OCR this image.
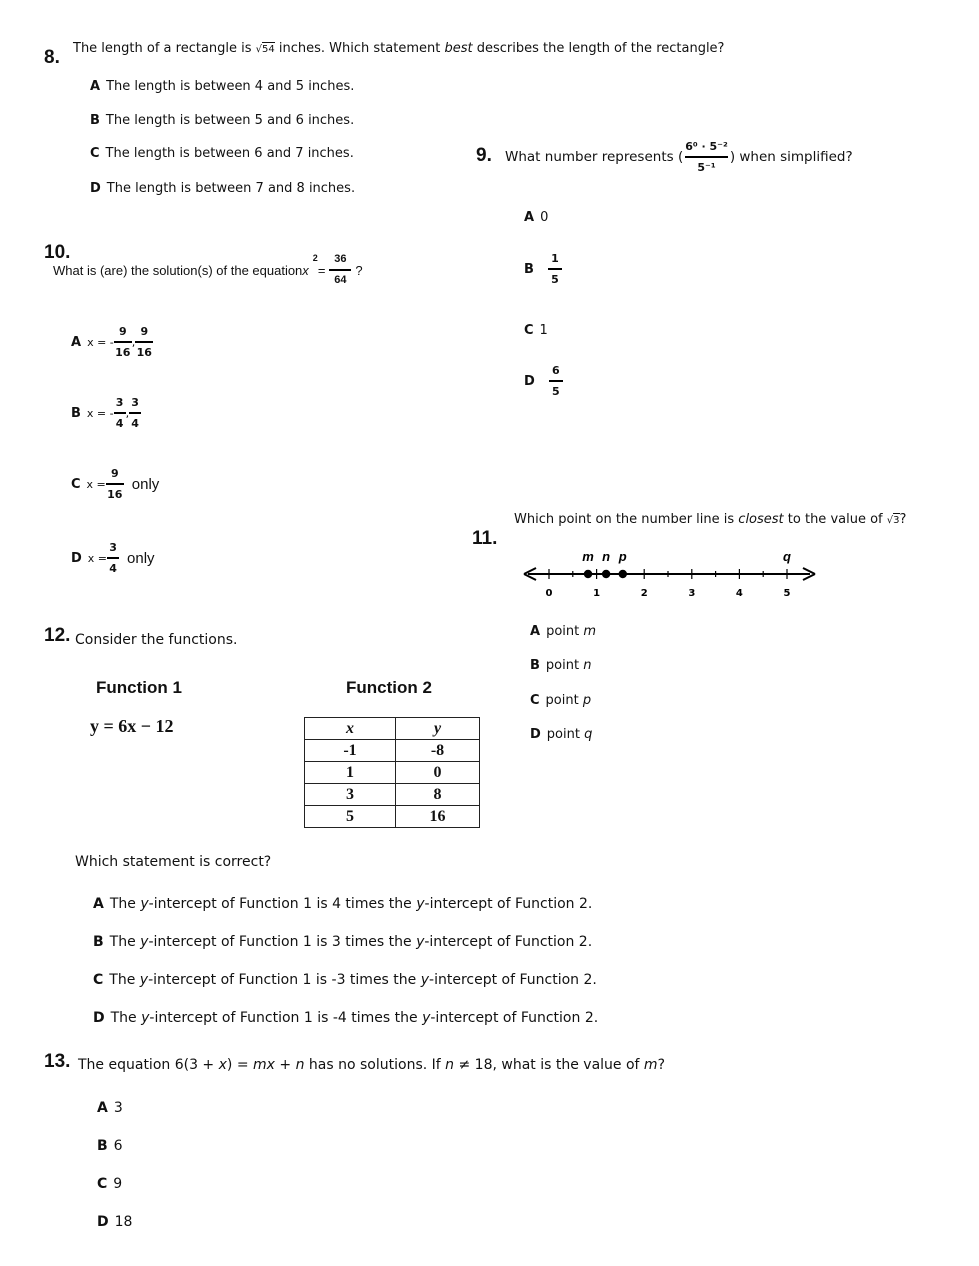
8. The length of a rectangle is √54 inches. Which statement best describes the length of the rectangle?
A The length is between 4 and 5 inches.
B The length is between 5 and 6 inches.
C The length is between 6 and 7 inches.
D The length is between 7 and 8 inches.
9. What number represents ( $\frac{\text{6⁰ · 5⁻²}}{\text{5⁻¹}}$ ) when simplified?
A 0
B $\frac{1}{5}$
C 1
D $\frac{6}{5}$
10.
What is (are) the solution(s) of the equation x
2
= $\frac{36}{64}$ ?
A x = - $\frac{9}{16}$ , $\frac{9}{16}$
B x = - $\frac{3}{4}$ , $\frac{3}{4}$
C $x = \frac{9}{16}$ only
D $x = \frac{3}{4}$ only
Which point on the number line is closest to the value of √3?
11.
0	1	2	3	4	5
m n p	q
A point m
B point n
C point p
D point q
12. Consider the functions.
Function 1
y = 6x − 12
Function 2
x	y
-1	-8
1	0
3	8
5	16
Which statement is correct?
A The y-intercept of Function 1 is 4 times the y-intercept of Function 2.
B The y-intercept of Function 1 is 3 times the y-intercept of Function 2.
C The y-intercept of Function 1 is -3 times the y-intercept of Function 2.
D The y-intercept of Function 1 is -4 times the y-intercept of Function 2.
13. The equation 6(3 + x) = mx + n has no solutions. If n ≠ 18, what is the value of m?
A 3
B 6
C 9
D 18
